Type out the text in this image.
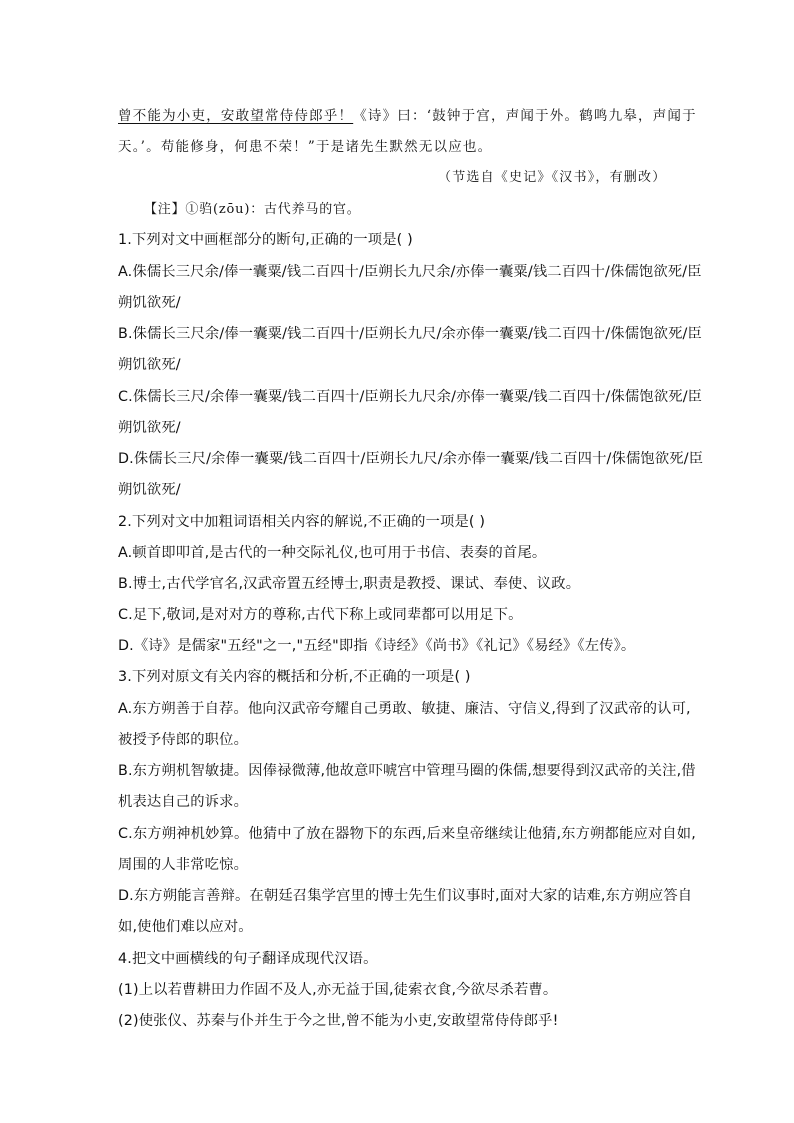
曾不能为小吏，安敢望常侍侍郎乎！《诗》曰：‘鼓钟于宫，声闻于外。鹤鸣九皋，声闻于
天。’。苟能修身，何患不荣！”于是诸先生默然无以应也。
（节选自《史记》《汉书》，有删改）
【注】①驺(zōu)：古代养马的官。
1.下列对文中画框部分的断句,正确的一项是( )
A.侏儒长三尺余/俸一囊粟/钱二百四十/臣朔长九尺余/亦俸一囊粟/钱二百四十/侏儒饱欲死/臣
朔饥欲死/
B.侏儒长三尺余/俸一囊粟/钱二百四十/臣朔长九尺/余亦俸一囊粟/钱二百四十/侏儒饱欲死/臣
朔饥欲死/
C.侏儒长三尺/余俸一囊粟/钱二百四十/臣朔长九尺余/亦俸一囊粟/钱二百四十/侏儒饱欲死/臣
朔饥欲死/
D.侏儒长三尺/余俸一囊粟/钱二百四十/臣朔长九尺/余亦俸一囊粟/钱二百四十/侏儒饱欲死/臣
朔饥欲死/
2.下列对文中加粗词语相关内容的解说,不正确的一项是( )
A.顿首即叩首,是古代的一种交际礼仪,也可用于书信、表奏的首尾。
B.博士,古代学官名,汉武帝置五经博士,职责是教授、课试、奉使、议政。
C.足下,敬词,是对对方的尊称,古代下称上或同辈都可以用足下。
D.《诗》是儒家"五经"之一,"五经"即指《诗经》《尚书》《礼记》《易经》《左传》。
3.下列对原文有关内容的概括和分析,不正确的一项是( )
A.东方朔善于自荐。他向汉武帝夸耀自己勇敢、敏捷、廉洁、守信义,得到了汉武帝的认可,
被授予侍郎的职位。
B.东方朔机智敏捷。因俸禄微薄,他故意吓唬宫中管理马圈的侏儒,想要得到汉武帝的关注,借
机表达自己的诉求。
C.东方朔神机妙算。他猜中了放在器物下的东西,后来皇帝继续让他猜,东方朔都能应对自如,
周围的人非常吃惊。
D.东方朔能言善辩。在朝廷召集学宫里的博士先生们议事时,面对大家的诘难,东方朔应答自
如,使他们难以应对。
4.把文中画横线的句子翻译成现代汉语。
(1)上以若曹耕田力作固不及人,亦无益于国,徒索衣食,今欲尽杀若曹。
(2)使张仪、苏秦与仆并生于今之世,曾不能为小吏,安敢望常侍侍郎乎!
